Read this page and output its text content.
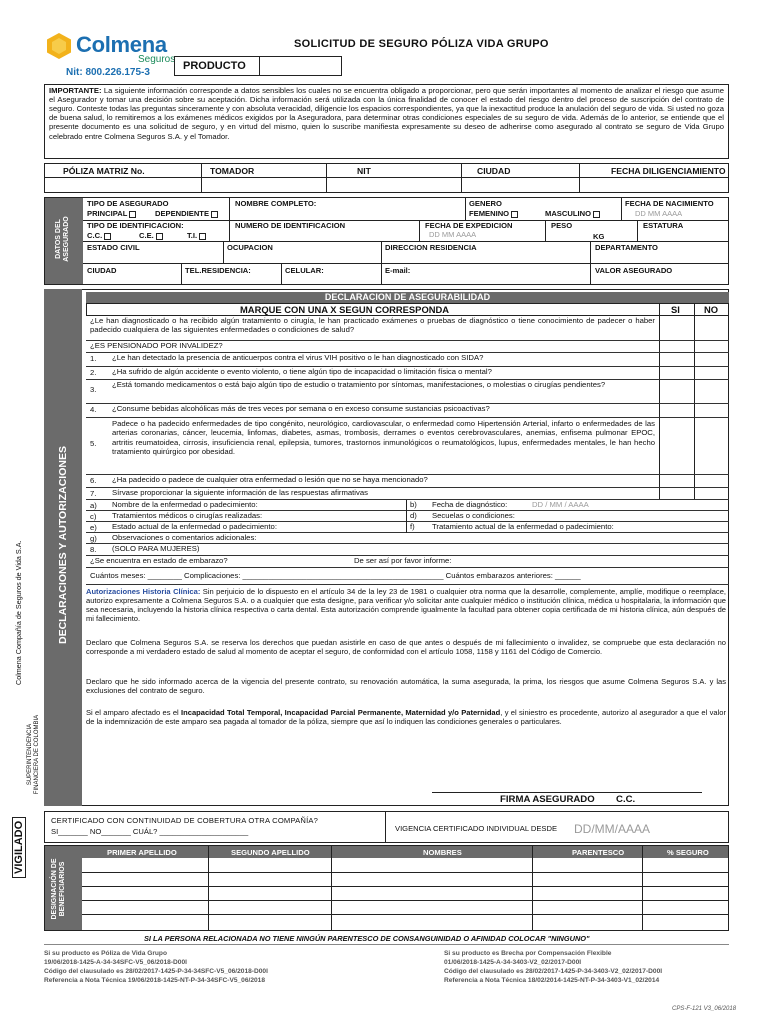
Colmena
Seguros
Nit: 800.226.175-3
SOLICITUD DE SEGURO PÓLIZA VIDA GRUPO
PRODUCTO
IMPORTANTE: La siguiente información corresponde a datos sensibles los cuales no se encuentra obligado a proporcionar, pero que serán importantes al momento de analizar el riesgo que asume el Asegurador y tomar una decisión sobre su aceptación. Dicha información será utilizada con la única finalidad de conocer el estado del riesgo dentro del proceso de suscripción del contrato de seguro. Conteste todas las preguntas sinceramente y con absoluta veracidad, diligencie los espacios correspondientes, ya que la inexactitud produce la anulación del seguro de vida. Si usted no goza de buena salud, lo remitiremos a los exámenes médicos exigidos por la Aseguradora, para determinar otras condiciones especiales de su seguro de vida. Además de lo anterior, se entiende que el presente documento es una solicitud de seguro, y en virtud del mismo, quien lo suscribe manifiesta expresamente su deseo de adherirse como asegurado al contrato se seguro de Vida Grupo celebrado entre Colmena Seguros S.A. y el Tomador.
PÓLIZA MATRIZ No.	TOMADOR	NIT	CIUDAD	FECHA DILIGENCIAMIENTO
DATOS DEL ASEGURADO
TIPO DE ASEGURADO
PRINCIPAL	DEPENDIENTE
NOMBRE COMPLETO:	GENERO
FEMENINO	MASCULINO
FECHA DE NACIMIENTO
DD MM AAAA
TIPO DE IDENTIFICACION:
C.C.	C.E.	T.I.
NUMERO DE IDENTIFICACION	FECHA DE EXPEDICION
DD MM AAAA
PESO
KG
ESTATURA
ESTADO CIVIL	OCUPACION	DIRECCION RESIDENCIA	DEPARTAMENTO
CIUDAD	TEL.RESIDENCIA:	CELULAR:	E-mail:	VALOR ASEGURADO
DECLARACIONES Y AUTORIZACIONES
DECLARACION DE ASEGURABILIDAD
MARQUE CON UNA X SEGUN CORRESPONDA	SI	NO
¿Le han diagnosticado o ha recibido algún tratamiento o cirugía, le han practicado exámenes o pruebas de diagnóstico o tiene conocimiento de padecer o haber padecido cualquiera de las siguientes enfermedades o condiciones de salud?
¿ES PENSIONADO POR INVALIDEZ?
1. ¿Le han detectado la presencia de anticuerpos contra el virus VIH positivo o le han diagnosticado con SIDA?
2. ¿Ha sufrido de algún accidente o evento violento, o tiene algún tipo de incapacidad o limitación física o mental?
3.
¿Está tomando medicamentos o está bajo algún tipo de estudio o tratamiento por síntomas, manifestaciones, o molestias o cirugías pendientes?
4. ¿Consume bebidas alcohólicas más de tres veces por semana o en exceso consume sustancias psicoactivas?
5.
Padece o ha padecido enfermedades de tipo congénito, neurológico, cardiovascular, o enfermedad como Hipertensión Arterial, infarto o enfermedades de las arterias coronarias, cáncer, leucemia, linfomas, diabetes, asmas, trombosis, derrames o eventos cerebrovasculares, anemias, enfisema pulmonar EPOC, artritis reumatoidea, cirrosis, insuficiencia renal, epilepsia, tumores, trastornos inmunológicos o reumatológicos, lupus, enfermedades mentales, le han hecho tratamiento quirúrgico por obesidad.
6. ¿Ha padecido o padece de cualquier otra enfermedad o lesión que no se haya mencionado?
7. Sírvase proporcionar la siguiente información de las respuestas afirmativas
a) Nombre de la enfermedad o padecimiento:	b) Fecha de diagnóstico:	DD / MM / AAAA
c) Tratamientos médicos o cirugías realizadas:	d) Secuelas o condiciones:
e) Estado actual de la enfermedad o padecimiento:	f) Tratamiento actual de la enfermedad o padecimiento:
g) Observaciones o comentarios adicionales:
8. (SOLO PARA MUJERES)
¿Se encuentra en estado de embarazo?	De ser así por favor informe:
Cuántos meses: ________ Complicaciones: _______________________________________________ Cuántos embarazos anteriores: ______
Autorizaciones Historia Clínica: Sin perjuicio de lo dispuesto en el artículo 34 de la ley 23 de 1981 o cualquier otra norma que la desarrolle, complemente, amplíe, modifique o reemplace, autorizo expresamente a Colmena Seguros S.A. o a cualquier que esta designe, para verificar y/o solicitar ante cualquier médico o institución clínica, médica u hospitalaria, la información que sea necesaria, incluyendo la historia clínica respectiva o carta dental. Esta autorización comprende igualmente la facultad para obtener copia certificada de mi historia clínica, aún después de mi fallecimiento.
Declaro que Colmena Seguros S.A. se reserva los derechos que puedan asistirle en caso de que antes o después de mi fallecimiento o invalidez, se compruebe que esta declaración no corresponde a mi verdadero estado de salud al momento de aceptar el seguro, de conformidad con el artículo 1058, 1158 y 1161 del Código de Comercio.
Declaro que he sido informado acerca de la vigencia del presente contrato, su renovación automática, la suma asegurada, la prima, los riesgos que asume Colmena Seguros S.A. y las exclusiones del contrato de seguro.
Si el amparo afectado es el Incapacidad Total Temporal, Incapacidad Parcial Permanente, Maternidad y/o Paternidad, y el siniestro es procedente, autorizo al asegurador a que el valor de la indemnización de este amparo sea pagada al tomador de la póliza, siempre que así lo indiquen las condiciones generales o particulares.
FIRMA ASEGURADO        C.C.
CERTIFICADO CON CONTINUIDAD DE COBERTURA OTRA COMPAÑÍA?
SI_______ NO_______ CUÁL? _____________________	VIGENCIA CERTIFICADO INDIVIDUAL DESDE DD/MM/AAAA
DESIGNACIÓN DE BENEFICIARIOS
PRIMER APELLIDO	SEGUNDO APELLIDO	NOMBRES	PARENTESCO	% SEGURO
SI LA PERSONA RELACIONADA NO TIENE NINGÚN PARENTESCO DE CONSANGUINIDAD O AFINIDAD COLOCAR "NINGUNO"
VIGILADO
SUPERINTENDENCIA FINANCIERA DE COLOMBIA
Colmena Compañía de Seguros de Vida S.A.
Si su producto es Póliza de Vida Grupo
19/06/2018-1425-A-34-34SFC-V5_06/2018-D00I
Código del clausulado es 28/02/2017-1425-P-34-34SFC-V5_06/2018-D00I
Referencia a Nota Técnica 19/06/2018-1425-NT-P-34-34SFC-V5_06/2018
Si su producto es Brecha por Compensación Flexible
01/06/2018-1425-A-34-3403-V2_02/2017-D00I
Código del clausulado es 28/02/2017-1425-P-34-3403-V2_02/2017-D00I
Referencia a Nota Técnica 18/02/2014-1425-NT-P-34-3403-V1_02/2014
CPS-F-121 V3_06/2018
